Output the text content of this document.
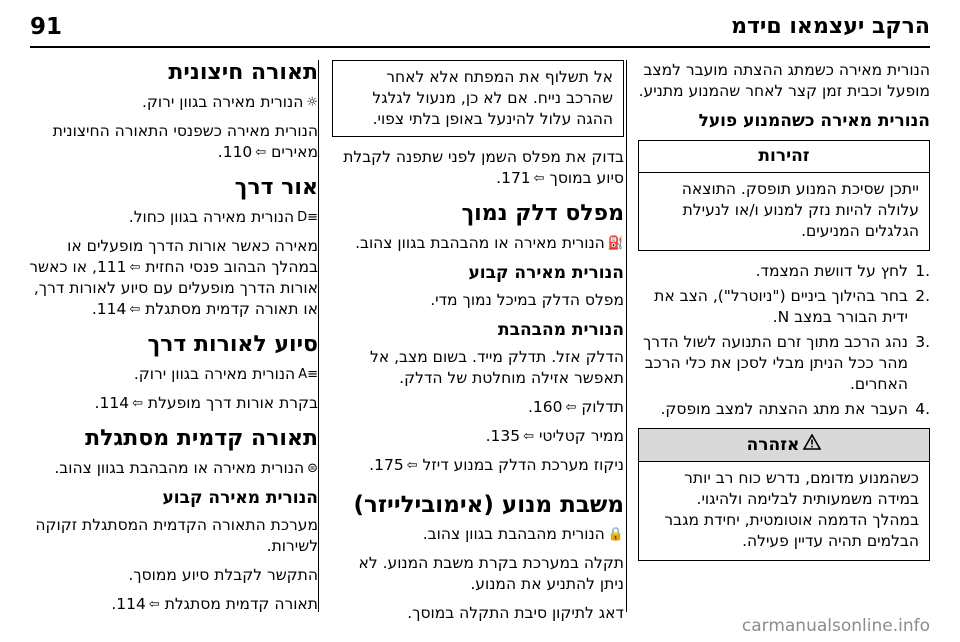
91	הרקב יעצמאו םידמ

הנורית מאירה כשמתג ההצתה מועבר למצב מופעל וכבית זמן קצר לאחר שהמנוע מתניע.

הנורית מאירה כשהמנוע פועל
זהירות
ייתכן שסיכת המנוע תופסק. התוצאה עלולה להיות נזק למנוע ו/או לנעילת הגלגלים המניעים.
.1
לחץ על דוושת המצמד.
.2
בחר בהילוך ביניים ("ניוטרל"), הצב את ידית הבורר במצב N.
.3
נהג הרכב מתוך זרם התנועה לשול הדרך מהר ככל הניתן מבלי לסכן את כלי הרכב האחרים.
.4
העבר את מתג ההצתה למצב מופסק.
אזהרה
כשהמנוע מדומם, נדרש כוח רב יותר במידה משמעותית לבלימה ולהיגוי. במהלך הדממה אוטומטית, יחידת מגבר הבלמים תהיה עדיין פעילה.
אל תשלוף את המפתח אלא לאחר שהרכב נייח. אם לא כן, מנעול לגלגל ההגה עלול להינעל באופן בלתי צפוי.

בדוק את מפלס השמן לפני שתפנה לקבלת סיוע במוסך ⇦171.

מפלס דלק נמוך

⛽הנורית מאירה או מהבהבת בגוון צהוב.

הנורית מאירה קבוע

מפלס הדלק במיכל נמוך מדי.

הנורית מהבהבת

הדלק אזל. תדלק מייד. בשום מצב, אל תאפשר אזילה מוחלטת של הדלק.

תדלוק ⇦160.

ממיר קטליטי ⇦135.

ניקוז מערכת הדלק במנוע דיזל ⇦175.

משבת מנוע (אימובילייזר)

🔒הנורית מהבהבת בגוון צהוב.

תקלה במערכת בקרת משבת המנוע. לא ניתן להתניע את המנוע.

דאג לתיקון סיבת התקלה במוסך.

תאורה חיצונית

☼הנורית מאירה בגוון ירוק.

הנורית מאירה כשפנסי התאורה החיצונית מאירים ⇦110.

אור דרך

≡Dהנורית מאירה בגוון כחול.

מאירה כאשר אורות הדרך מופעלים או במהלך הבהוב פנסי החזית ⇦111, או כאשר אורות הדרך מופעלים עם סיוע לאורות דרך, או תאורה קדמית מסתגלת ⇦114.

סיוע לאורות דרך

≡Aהנורית מאירה בגוון ירוק.

בקרת אורות דרך מופעלת ⇦114.

תאורה קדמית מסתגלת

⊜הנורית מאירה או מהבהבת בגוון צהוב.

הנורית מאירה קבוע

מערכת התאורה הקדמית המסתגלת זקוקה לשירות.

התקשר לקבלת סיוע ממוסך.

תאורה קדמית מסתגלת ⇦114.

carmanualsonline.info
